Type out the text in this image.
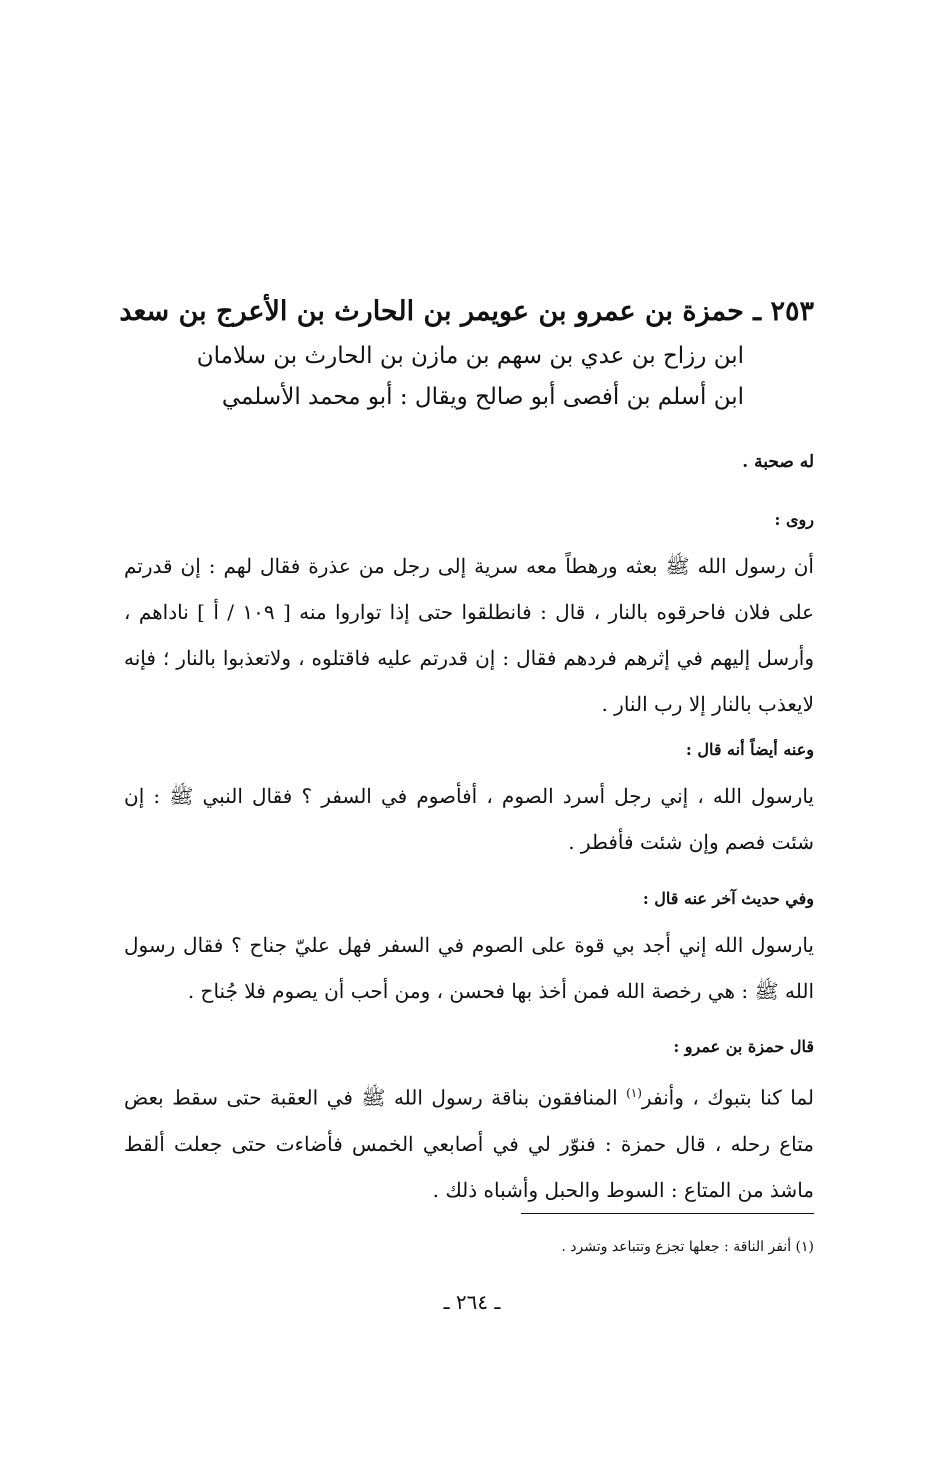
٢٥٣ ـ حمزة بن عمرو بن عويمر بن الحارث بن الأعرج بن سعد
ابن رزاح بن عدي بن سهم بن مازن بن الحارث بن سلامان
ابن أسلم بن أفصى أبو صالح ويقال : أبو محمد الأسلمي
له صحبة .
روى :
أن رسول الله ﷺ بعثه ورهطاً معه سرية إلى رجل من عذرة فقال لهم : إن قدرتم على فلان فاحرقوه بالنار ، قال : فانطلقوا حتى إذا تواروا منه [ ١٠٩ / أ ] ناداهم ، وأرسل إليهم في إثرهم فردهم فقال : إن قدرتم عليه فاقتلوه ، ولاتعذبوا بالنار ؛ فإنه لايعذب بالنار إلا رب النار .
وعنه أيضاً أنه قال :
يارسول الله ، إني رجل أسرد الصوم ، أفأصوم في السفر ؟ فقال النبي ﷺ : إن شئت فصم وإن شئت فأفطر .
وفي حديث آخر عنه قال :
يارسول الله إني أجد بي قوة على الصوم في السفر فهل عليّ جناح ؟ فقال رسول الله ﷺ : هي رخصة الله فمن أخذ بها فحسن ، ومن أحب أن يصوم فلا جُناح .
قال حمزة بن عمرو :
لما كنا بتبوك ، وأنفر$^{(١)}$ المنافقون بناقة رسول الله ﷺ في العقبة حتى سقط بعض متاع رحله ، قال حمزة : فنوّر لي في أصابعي الخمس فأضاءت حتى جعلت ألقط ماشذ من المتاع : السوط والحبل وأشباه ذلك .
(١) أنفر الناقة : جعلها تجزع وتتباعد وتشرد .
ـ ٢٦٤ ـ
